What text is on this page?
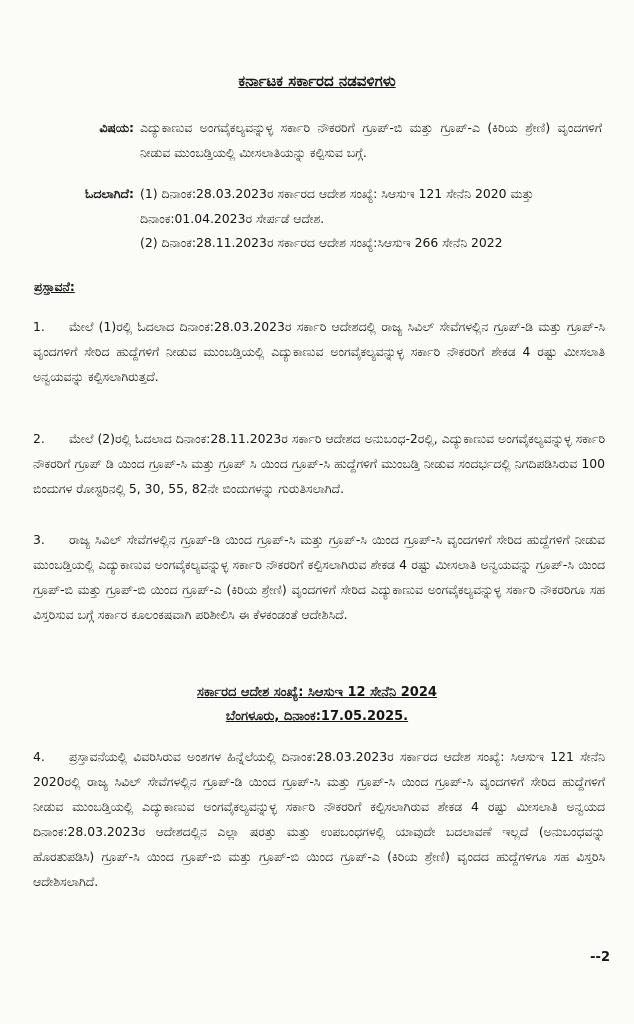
ಕರ್ನಾಟಕ ಸರ್ಕಾರದ ನಡವಳಿಗಳು
ವಿಷಯ: ಎದ್ಯುಕಾಣುವ ಅಂಗವೈಕಲ್ಯವನ್ನುಳ್ಳ ಸರ್ಕಾರಿ ನೌಕರರಿಗೆ ಗ್ರೂಪ್-ಬಿ ಮತ್ತು ಗ್ರೂಪ್-ಎ (ಕಿರಿಯ ಶ್ರೇಣಿ) ವೃಂದಗಳಿಗೆ ನೀಡುವ ಮುಂಬಡ್ತಿಯಲ್ಲಿ ಮೀಸಲಾತಿಯನ್ನು ಕಲ್ಪಿಸುವ ಬಗ್ಗೆ.
ಓದಲಾಗಿದೆ: (1) ದಿನಾಂಕ:28.03.2023ರ ಸರ್ಕಾರದ ಆದೇಶ ಸಂಖ್ಯೆ: ಸಿಆಸುಇ 121 ಸೇನೆನಿ 2020 ಮತ್ತು ದಿನಾಂಕ:01.04.2023ರ ಸೇರ್ಪಡೆ ಆದೇಶ.
(2) ದಿನಾಂಕ:28.11.2023ರ ಸರ್ಕಾರದ ಆದೇಶ ಸಂಖ್ಯೆ:ಸಿಆಸುಇ 266 ಸೇನೆನಿ 2022
ಪ್ರಸ್ತಾವನೆ:
1. ಮೇಲೆ (1)ರಲ್ಲಿ ಓದಲಾದ ದಿನಾಂಕ:28.03.2023ರ ಸರ್ಕಾರಿ ಆದೇಶದಲ್ಲಿ ರಾಜ್ಯ ಸಿವಿಲ್ ಸೇವೆಗಳಲ್ಲಿನ ಗ್ರೂಪ್-ಡಿ ಮತ್ತು ಗ್ರೂಪ್-ಸಿ ವೃಂದಗಳಿಗೆ ಸೇರಿದ ಹುದ್ದೆಗಳಿಗೆ ನೀಡುವ ಮುಂಬಡ್ತಿಯಲ್ಲಿ ಎದ್ಯುಕಾಣುವ ಅಂಗವೈಕಲ್ಯವನ್ನುಳ್ಳ ಸರ್ಕಾರಿ ನೌಕರರಿಗೆ ಶೇಕಡ 4 ರಷ್ಟು ಮೀಸಲಾತಿ ಅನ್ವಯವನ್ನು ಕಲ್ಪಿಸಲಾಗಿರುತ್ತದೆ.
2. ಮೇಲೆ (2)ರಲ್ಲಿ ಓದಲಾದ ದಿನಾಂಕ:28.11.2023ರ ಸರ್ಕಾರಿ ಆದೇಶದ ಅನುಬಂಧ-2ರಲ್ಲಿ, ಎದ್ಯುಕಾಣುವ ಅಂಗವೈಕಲ್ಯವನ್ನುಳ್ಳ ಸರ್ಕಾರಿ ನೌಕರರಿಗೆ ಗ್ರೂಪ್ ಡಿ ಯಿಂದ ಗ್ರೂಪ್-ಸಿ ಮತ್ತು ಗ್ರೂಪ್ ಸಿ ಯಿಂದ ಗ್ರೂಪ್-ಸಿ ಹುದ್ದೆಗಳಿಗೆ ಮುಂಬಡ್ತಿ ನೀಡುವ ಸಂದರ್ಭದಲ್ಲಿ ನಿಗದಿಪಡಿಸಿರುವ 100 ಬಿಂದುಗಳ ರೋಸ್ಟರಿನಲ್ಲಿ 5, 30, 55, 82ನೇ ಬಿಂದುಗಳನ್ನು ಗುರುತಿಸಲಾಗಿದೆ.
3. ರಾಜ್ಯ ಸಿವಿಲ್ ಸೇವೆಗಳಲ್ಲಿನ ಗ್ರೂಪ್-ಡಿ ಯಿಂದ ಗ್ರೂಪ್-ಸಿ ಮತ್ತು ಗ್ರೂಪ್-ಸಿ ಯಿಂದ ಗ್ರೂಪ್-ಸಿ ವೃಂದಗಳಿಗೆ ಸೇರಿದ ಹುದ್ದೆಗಳಿಗೆ ನೀಡುವ ಮುಂಬಡ್ತಿಯಲ್ಲಿ ಎದ್ಯುಕಾಣುವ ಅಂಗವೈಕಲ್ಯವನ್ನುಳ್ಳ ಸರ್ಕಾರಿ ನೌಕರರಿಗೆ ಕಲ್ಪಿಸಲಾಗಿರುವ ಶೇಕಡ 4 ರಷ್ಟು ಮೀಸಲಾತಿ ಅನ್ವಯವನ್ನು ಗ್ರೂಪ್-ಸಿ ಯಿಂದ ಗ್ರೂಪ್-ಬಿ ಮತ್ತು ಗ್ರೂಪ್-ಬಿ ಯಿಂದ ಗ್ರೂಪ್-ಎ (ಕಿರಿಯ ಶ್ರೇಣಿ) ವೃಂದಗಳಿಗೆ ಸೇರಿದ ಎದ್ಯುಕಾಣುವ ಅಂಗವೈಕಲ್ಯವನ್ನುಳ್ಳ ಸರ್ಕಾರಿ ನೌಕರರಿಗೂ ಸಹ ವಿಸ್ತರಿಸುವ ಬಗ್ಗೆ ಸರ್ಕಾರ ಕೂಲಂಕಷವಾಗಿ ಪರಿಶೀಲಿಸಿ ಈ ಕೆಳಕಂಡಂತೆ ಆದೇಶಿಸಿದೆ.
ಸರ್ಕಾರದ ಆದೇಶ ಸಂಖ್ಯೆ: ಸಿಆಸುಇ 12 ಸೇನೆನಿ 2024
ಬೆಂಗಳೂರು, ದಿನಾಂಕ:17.05.2025.
4. ಪ್ರಸ್ತಾವನೆಯಲ್ಲಿ ವಿವರಿಸಿರುವ ಅಂಶಗಳ ಹಿನ್ನೆಲೆಯಲ್ಲಿ ದಿನಾಂಕ:28.03.2023ರ ಸರ್ಕಾರದ ಆದೇಶ ಸಂಖ್ಯೆ: ಸಿಆಸುಇ 121 ಸೇನೆನಿ 2020ರಲ್ಲಿ ರಾಜ್ಯ ಸಿವಿಲ್ ಸೇವೆಗಳಲ್ಲಿನ ಗ್ರೂಪ್-ಡಿ ಯಿಂದ ಗ್ರೂಪ್-ಸಿ ಮತ್ತು ಗ್ರೂಪ್-ಸಿ ಯಿಂದ ಗ್ರೂಪ್-ಸಿ ವೃಂದಗಳಿಗೆ ಸೇರಿದ ಹುದ್ದೆಗಳಿಗೆ ನೀಡುವ ಮುಂಬಡ್ತಿಯಲ್ಲಿ ಎದ್ಯುಕಾಣುವ ಅಂಗವೈಕಲ್ಯವನ್ನುಳ್ಳ ಸರ್ಕಾರಿ ನೌಕರರಿಗೆ ಕಲ್ಪಿಸಲಾಗಿರುವ ಶೇಕಡ 4 ರಷ್ಟು ಮೀಸಲಾತಿ ಅನ್ವಯದ ದಿನಾಂಕ:28.03.2023ರ ಆದೇಶದಲ್ಲಿನ ಎಲ್ಲಾ ಷರತ್ತು ಮತ್ತು ಉಪಬಂಧಗಳಲ್ಲಿ ಯಾವುದೇ ಬದಲಾವಣೆ ಇಲ್ಲದೆ (ಅನುಬಂಧವನ್ನು ಹೊರತುಪಡಿಸಿ) ಗ್ರೂಪ್-ಸಿ ಯಿಂದ ಗ್ರೂಪ್-ಬಿ ಮತ್ತು ಗ್ರೂಪ್-ಬಿ ಯಿಂದ ಗ್ರೂಪ್-ಎ (ಕಿರಿಯ ಶ್ರೇಣಿ) ವೃಂದದ ಹುದ್ದೆಗಳಿಗೂ ಸಹ ವಿಸ್ತರಿಸಿ ಆದೇಶಿಸಲಾಗಿದೆ.
--2
